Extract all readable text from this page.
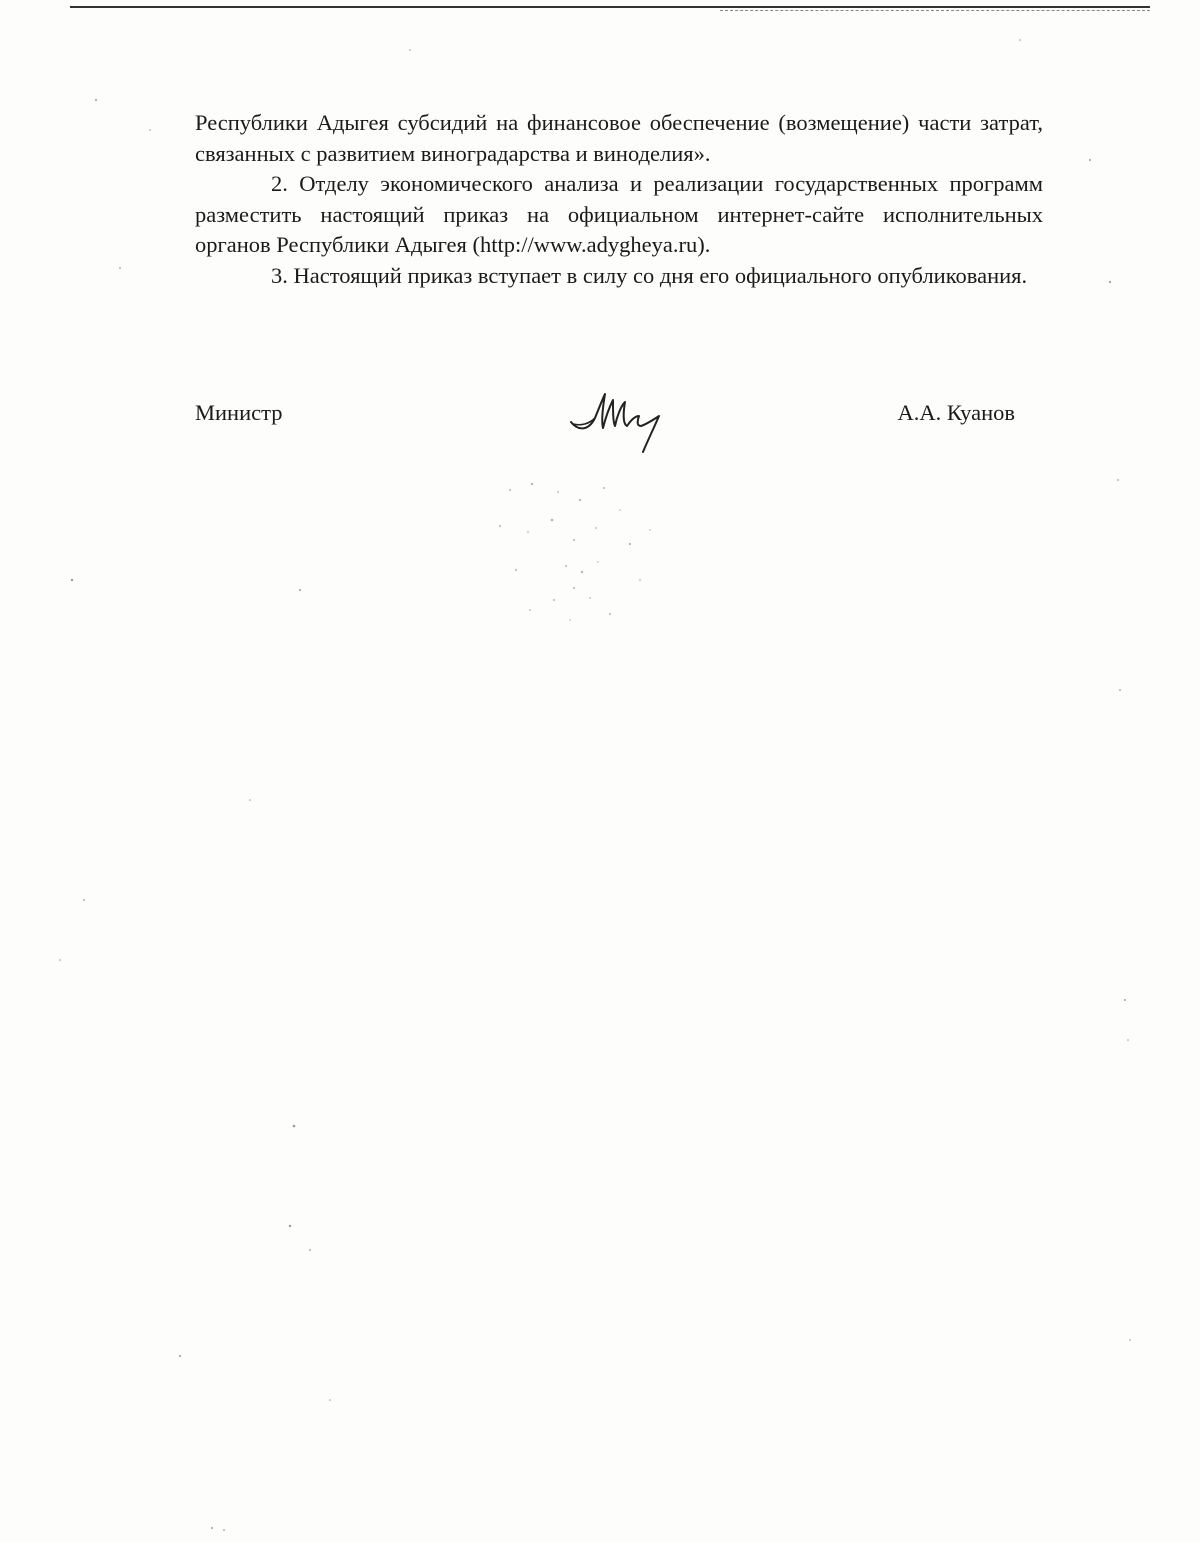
Республики Адыгея субсидий на финансовое обеспечение (возмещение) части затрат, связанных с развитием виноградарства и виноделия».

2. Отделу экономического анализа и реализации государственных программ разместить настоящий приказ на официальном интернет-сайте исполнительных органов Республики Адыгея (http://www.adygheya.ru).

3. Настоящий приказ вступает в силу со дня его официального опубликования.

Министр	А.А. Куанов
